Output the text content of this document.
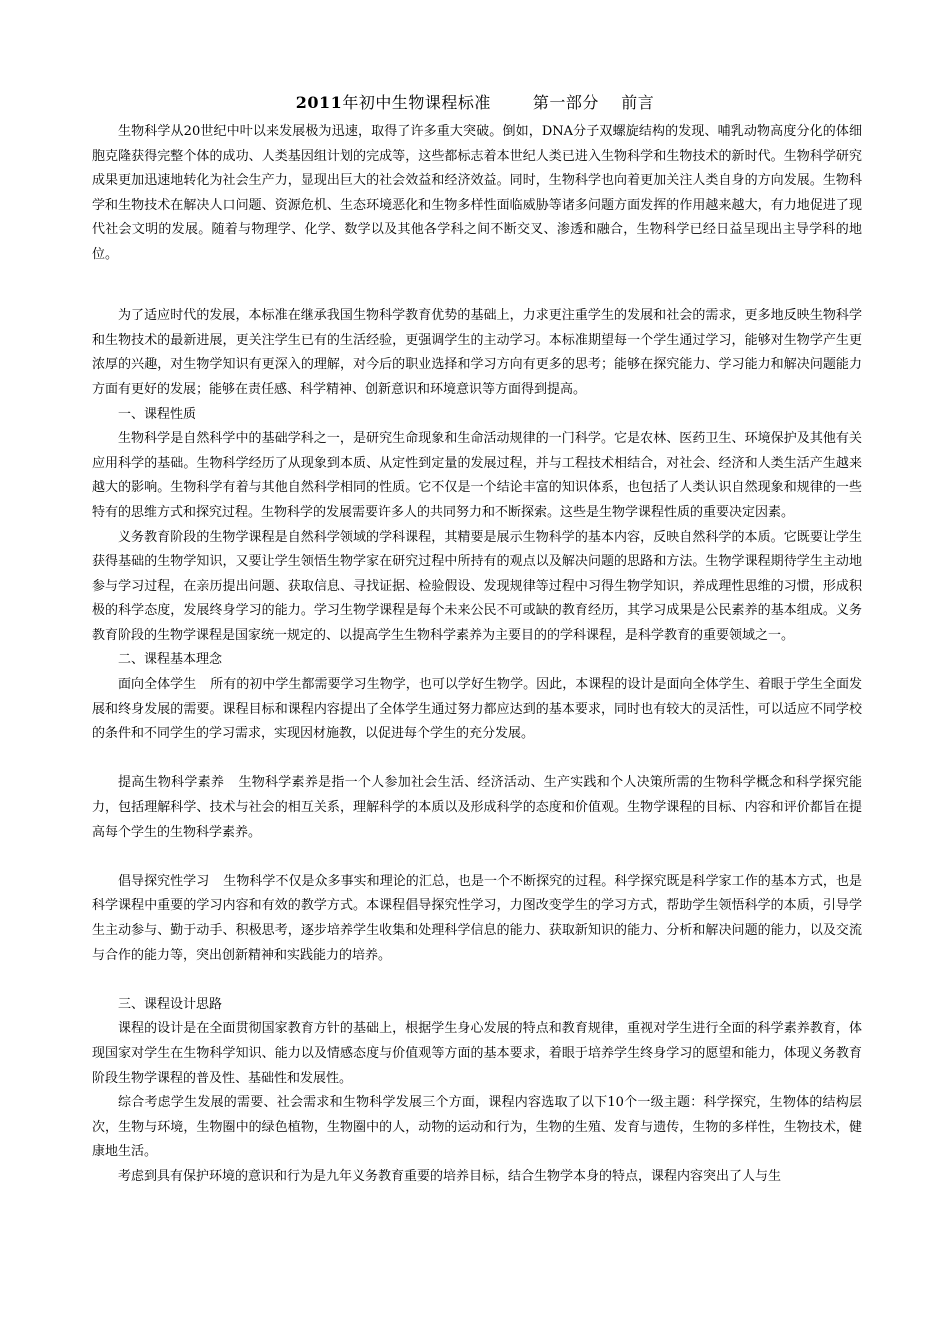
2011年初中生物课程标准	第一部分 前言

生物科学从20世纪中叶以来发展极为迅速，取得了许多重大突破。倒如，DNA分子双螺旋结构的发现、哺乳动物高度分化的体细胞克隆获得完整个体的成功、人类基因组计划的完成等，这些都标志着本世纪人类已进入生物科学和生物技术的新时代。生物科学研究成果更加迅速地转化为社会生产力，显现出巨大的社会效益和经济效益。同时，生物科学也向着更加关注人类自身的方向发展。生物科学和生物技术在解决人口问题、资源危机、生态环境恶化和生物多样性面临威胁等诸多问题方面发挥的作用越来越大，有力地促进了现代社会文明的发展。随着与物理学、化学、数学以及其他各学科之间不断交叉、渗透和融合，生物科学已经日益呈现出主导学科的地位。

为了适应时代的发展，本标准在继承我国生物科学教育优势的基础上，力求更注重学生的发展和社会的需求，更多地反映生物科学和生物技术的最新进展，更关注学生已有的生活经验，更强调学生的主动学习。本标准期望每一个学生通过学习，能够对生物学产生更浓厚的兴趣，对生物学知识有更深入的理解，对今后的职业选择和学习方向有更多的思考；能够在探究能力、学习能力和解决问题能力方面有更好的发展；能够在责任感、科学精神、创新意识和环境意识等方面得到提高。

一、课程性质

生物科学是自然科学中的基础学科之一，是研究生命现象和生命活动规律的一门科学。它是农林、医药卫生、环境保护及其他有关应用科学的基础。生物科学经历了从现象到本质、从定性到定量的发展过程，并与工程技术相结合，对社会、经济和人类生活产生越来越大的影响。生物科学有着与其他自然科学相同的性质。它不仅是一个结论丰富的知识体系，也包括了人类认识自然现象和规律的一些特有的思维方式和探究过程。生物科学的发展需要许多人的共同努力和不断探索。这些是生物学课程性质的重要决定因素。

义务教育阶段的生物学课程是自然科学领域的学科课程，其精要是展示生物科学的基本内容，反映自然科学的本质。它既要让学生获得基础的生物学知识，又要让学生领悟生物学家在研究过程中所持有的观点以及解决问题的思路和方法。生物学课程期待学生主动地参与学习过程，在亲历提出问题、获取信息、寻找证据、检验假设、发现规律等过程中习得生物学知识，养成理性思维的习惯，形成积极的科学态度，发展终身学习的能力。学习生物学课程是每个未来公民不可或缺的教育经历，其学习成果是公民素养的基本组成。义务教育阶段的生物学课程是国家统一规定的、以提高学生生物科学素养为主要目的的学科课程，是科学教育的重要领域之一。

二、课程基本理念

面向全体学生 所有的初中学生都需要学习生物学，也可以学好生物学。因此，本课程的设计是面向全体学生、着眼于学生全面发展和终身发展的需要。课程目标和课程内容提出了全体学生通过努力都应达到的基本要求，同时也有较大的灵活性，可以适应不同学校的条件和不同学生的学习需求，实现因材施教，以促进每个学生的充分发展。

提高生物科学素养 生物科学素养是指一个人参加社会生活、经济活动、生产实践和个人决策所需的生物科学概念和科学探究能力，包括理解科学、技术与社会的相互关系，理解科学的本质以及形成科学的态度和价值观。生物学课程的目标、内容和评价都旨在提高每个学生的生物科学素养。

倡导探究性学习 生物科学不仅是众多事实和理论的汇总，也是一个不断探究的过程。科学探究既是科学家工作的基本方式，也是科学课程中重要的学习内容和有效的教学方式。本课程倡导探究性学习，力图改变学生的学习方式，帮助学生领悟科学的本质，引导学生主动参与、勤于动手、积极思考，逐步培养学生收集和处理科学信息的能力、获取新知识的能力、分析和解决问题的能力，以及交流与合作的能力等，突出创新精神和实践能力的培养。

三、课程设计思路

课程的设计是在全面贯彻国家教育方针的基础上，根据学生身心发展的特点和教育规律，重视对学生进行全面的科学素养教育，体现国家对学生在生物科学知识、能力以及情感态度与价值观等方面的基本要求，着眼于培养学生终身学习的愿望和能力，体现义务教育阶段生物学课程的普及性、基础性和发展性。

综合考虑学生发展的需要、社会需求和生物科学发展三个方面，课程内容选取了以下10个一级主题：科学探究，生物体的结构层次，生物与环境，生物圈中的绿色植物，生物圈中的人，动物的运动和行为，生物的生殖、发育与遗传，生物的多样性，生物技术，健康地生活。

考虑到具有保护环境的意识和行为是九年义务教育重要的培养目标，结合生物学本身的特点，课程内容突出了人与生
